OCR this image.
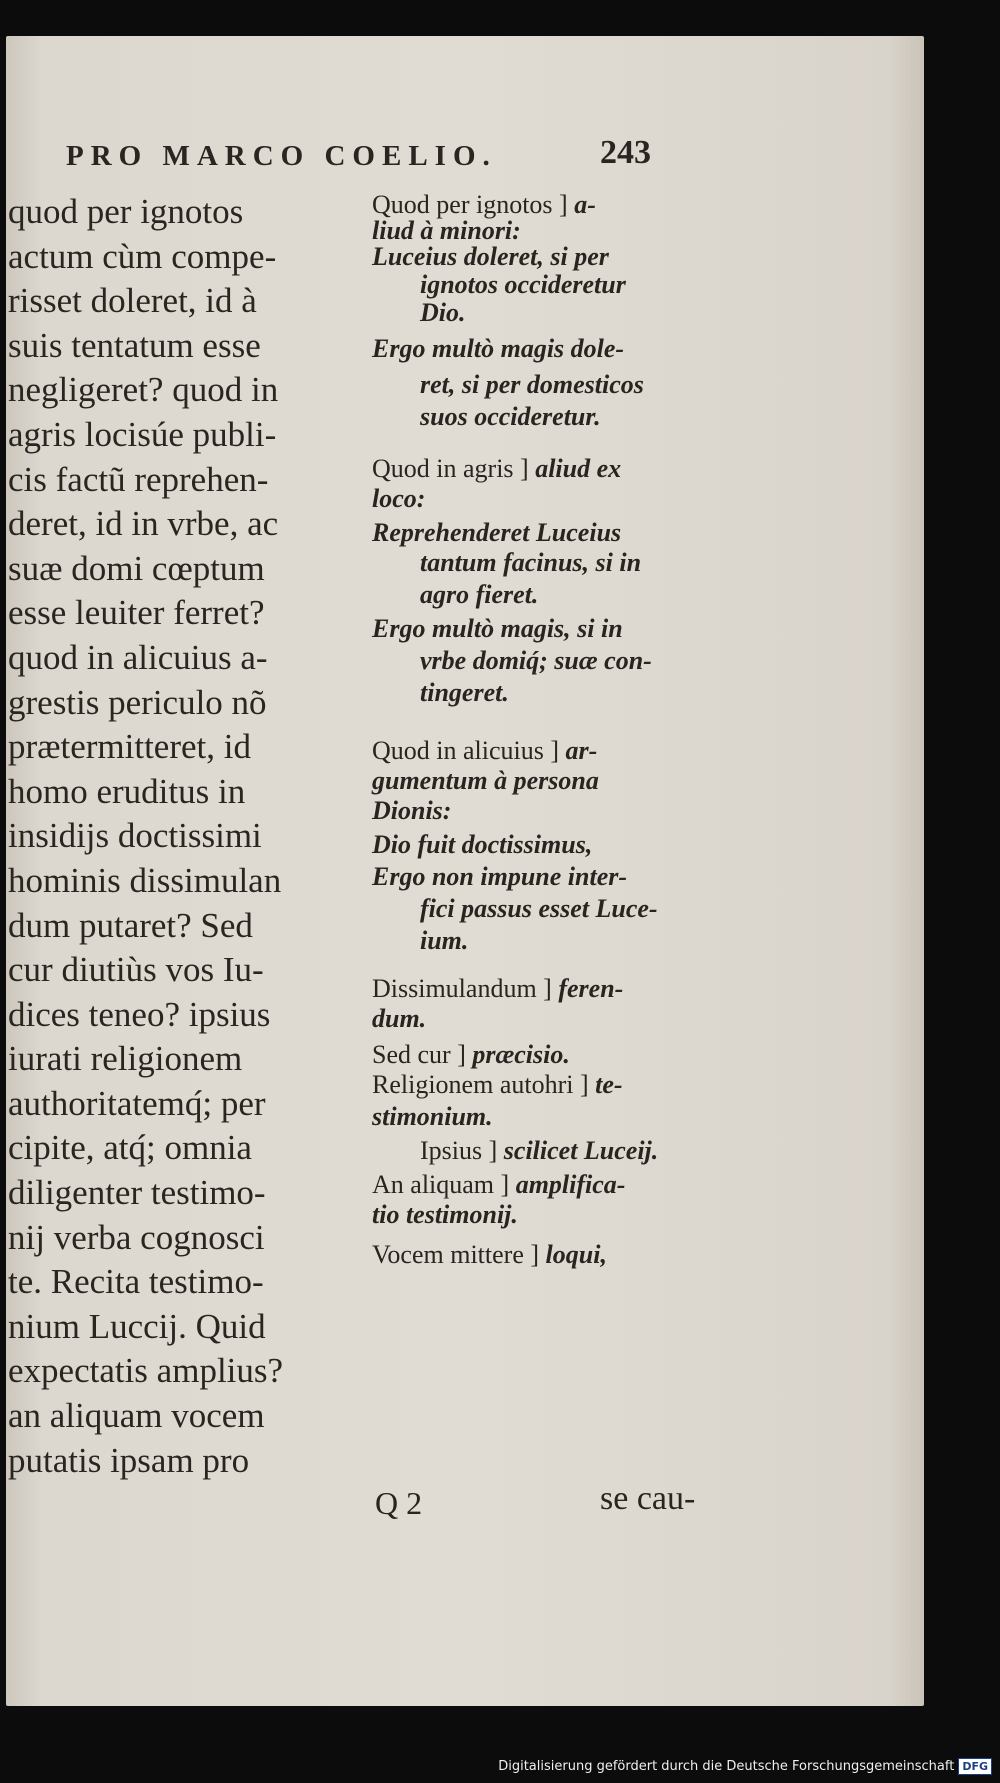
PRO MARCO COELIO.	243
quod per ignotos
actum cùm compe-
risset doleret, id à
suis tentatum esse
negligeret? quod in
agris locisúe publi-
cis factũ reprehen-
deret, id in vrbe, ac
suæ domi cœptum
esse leuiter ferret?
quod in alicuius a-
grestis periculo nõ
prætermitteret, id
homo eruditus in
insidijs doctissimi
hominis dissimulan
dum putaret? Sed
cur diutiùs vos Iu-
dices teneo? ipsius
iurati religionem
authoritatemq́; per
cipite, atq́; omnia
diligenter testimo-
nij verba cognosci
te. Recita testimo-
nium Luccij. Quid
expectatis amplius?
an aliquam vocem
putatis ipsam pro
Quod per ignotos ] a-
liud à minori:
Luceius doleret, si per
ignotos occideretur
Dio.
Ergo multò magis dole-
ret, si per domesticos
suos occideretur.
Quod in agris ] aliud ex
loco:
Reprehenderet Luceius
tantum facinus, si in
agro fieret.
Ergo multò magis, si in
vrbe domiq́; suæ con-
tingeret.
Quod in alicuius ] ar-
gumentum à persona
Dionis:
Dio fuit doctissimus,
Ergo non impune inter-
fici passus esset Luce-
ium.
Dissimulandum ] feren-
dum.
Sed cur ] præcisio.
Religionem autohri ] te-
stimonium.
Ipsius ] scilicet Luceij.
An aliquam ] amplifica-
tio testimonij.
Vocem mittere ] loqui,
Q 2	se cau-
Digitalisierung gefördert durch die Deutsche Forschungsgemeinschaft DFG
